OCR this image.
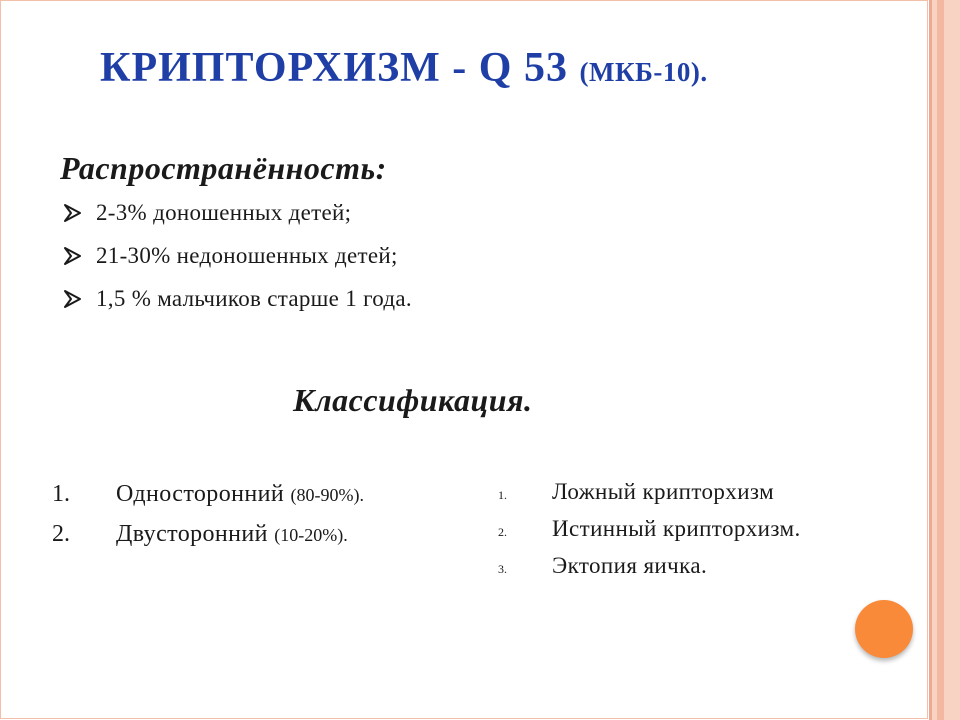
КРИПТОРХИЗМ - Q 53 (МКБ-10).
Распространённость:
2-3% доношенных детей;
21-30% недоношенных детей;
1,5 % мальчиков старше 1 года.
Классификация.
1. Односторонний (80-90%).
2. Двусторонний (10-20%).
1. Ложный крипторхизм
2. Истинный крипторхизм.
3. Эктопия яичка.
